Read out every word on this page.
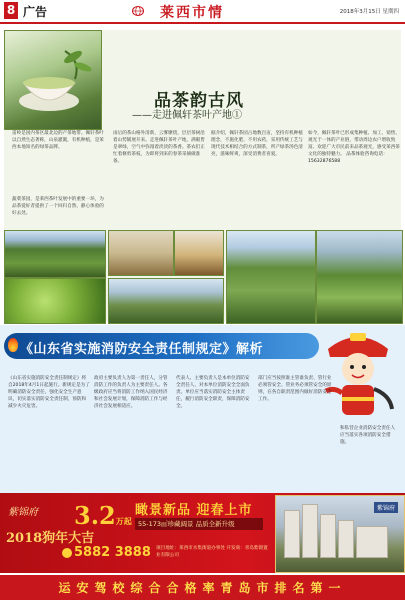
8 广告	莱西市情	2018年3月15日 星期四
品茶韵古风
——走进佩轩茶叶产地①
雷岭是国内茶区最北边的产茶地带。佩轩茶叶以自然生态著称，山泉灌溉，有机种植，是莱西本地知名的绿茶品牌。
蔬菜茶园，是莱西茶叶发展中的重要一环，为品茶爱好者提供了一个回归自然、静心体验的好去处。
雨后的茶山格外清新，云雾缭绕，层层茶树沿着山势铺展开来。走进佩轩茶叶产地，满眼皆是翠绿，空气中弥漫着淡淡的茶香。茶农们正忙着修剪茶枝，为即将到来的春茶采摘做准备。
据介绍，佩轩茶园占地数百亩，坚持有机种植理念，不施化肥、不用农药，采用传统工艺与现代技术相结合的方式制茶，所产绿茶汤色清亮，滋味鲜爽，深受消费者喜爱。
如今，佩轩茶叶已形成集种植、加工、销售、观光于一体的产业链，带动周边农户增收致富。欢迎广大市民前来品茶观光，感受莱西茶文化的独特魅力。 品茶体验咨询电话：15632876588
《山东省实施消防安全责任制规定》解析
《山东省实施消防安全责任制规定》将自2018年4月1日起施行。新规定是为了明确消防安全责任，强化安全生产意识，切实落实消防安全责任制，预防和减少火灾危害。
政府主要负责人为第一责任人，分管消防工作的负责人为主要责任人。各级政府应当将消防工作纳入国民经济和社会发展计划，保障消防工作与经济社会发展相适应。
代表人、主要负责人是本单位消防安全责任人，对本单位消防安全全面负责。单位应当落实消防安全主体责任，履行消防安全职责，保障消防安全。
部门应当按照谁主管谁负责、管行业必须管安全、管业务必须管安全的原则，在各自职责范围内做好消防安全工作。
和私营企业消防安全责任人应当落实各项消防安全措施。
紫锦府
2018狗年大吉
3.2万起
瞰景新品 迎春上市
55-173㎡珍藏阔景 品质全新升级
5882 3888 项目地址：莱西市水集街道办事处 开发商：青岛紫锦置业有限公司
紫锦府
运安驾校综合合格率青岛市排名第一
